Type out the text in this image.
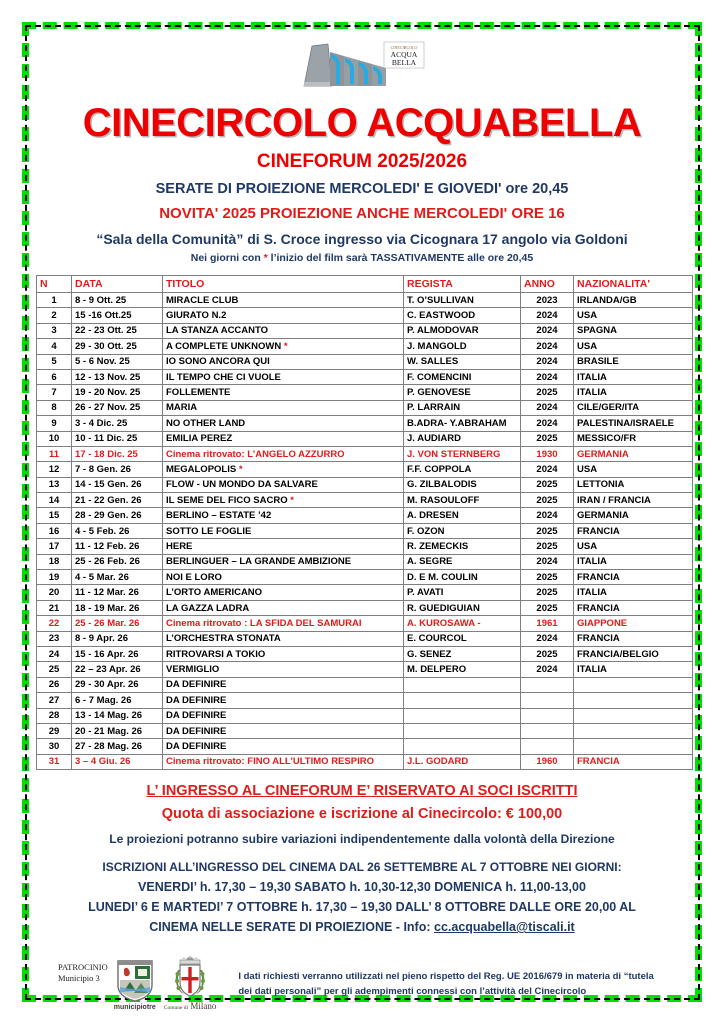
CINECIRCOLO
ACQUA
BELLA
CINECIRCOLO ACQUABELLA
CINEFORUM 2025/2026
SERATE DI PROIEZIONE MERCOLEDI' E GIOVEDI' ore 20,45
NOVITA' 2025 PROIEZIONE ANCHE MERCOLEDI' ORE 16
“Sala della Comunità” di S. Croce ingresso via Cicognara 17 angolo via Goldoni
Nei giorni con * l’inizio del film sarà TASSATIVAMENTE alle ore 20,45
N	DATA	TITOLO	REGISTA	ANNO	NAZIONALITA'
1	8 - 9 Ott. 25	MIRACLE CLUB	T. O’SULLIVAN	2023	IRLANDA/GB
2	15 -16 Ott.25	GIURATO N.2	C. EASTWOOD	2024	USA
3	22 - 23 Ott. 25	LA STANZA ACCANTO	P. ALMODOVAR	2024	SPAGNA
4	29 - 30 Ott. 25	A COMPLETE UNKNOWN *	J. MANGOLD	2024	USA
5	5 - 6 Nov. 25	IO SONO ANCORA QUI	W. SALLES	2024	BRASILE
6	12 - 13 Nov. 25	IL TEMPO CHE CI VUOLE	F. COMENCINI	2024	ITALIA
7	19 - 20 Nov. 25	FOLLEMENTE	P. GENOVESE	2025	ITALIA
8	26 - 27 Nov. 25	MARIA	P. LARRAIN	2024	CILE/GER/ITA
9	3 - 4 Dic. 25	NO OTHER LAND	B.ADRA- Y.ABRAHAM	2024	PALESTINA/ISRAELE
10	10 - 11 Dic. 25	EMILIA PEREZ	J. AUDIARD	2025	MESSICO/FR
11	17 - 18 Dic. 25	Cinema ritrovato: L’ANGELO AZZURRO	J. VON STERNBERG	1930	GERMANIA
12	7 - 8 Gen. 26	MEGALOPOLIS *	F.F. COPPOLA	2024	USA
13	14 - 15 Gen. 26	FLOW - UN MONDO DA SALVARE	G. ZILBALODIS	2025	LETTONIA
14	21 - 22 Gen. 26	IL SEME DEL FICO SACRO *	M. RASOULOFF	2025	IRAN / FRANCIA
15	28 - 29 Gen. 26	BERLINO – ESTATE ’42	A. DRESEN	2024	GERMANIA
16	4 - 5 Feb. 26	SOTTO LE FOGLIE	F. OZON	2025	FRANCIA
17	11 - 12 Feb. 26	HERE	R. ZEMECKIS	2025	USA
18	25 - 26 Feb. 26	BERLINGUER – LA GRANDE AMBIZIONE	A. SEGRE	2024	ITALIA
19	4 - 5 Mar. 26	NOI E LORO	D. E M. COULIN	2025	FRANCIA
20	11 - 12 Mar. 26	L’ORTO AMERICANO	P. AVATI	2025	ITALIA
21	18 - 19 Mar. 26	LA GAZZA LADRA	R. GUEDIGUIAN	2025	FRANCIA
22	25 - 26 Mar. 26	Cinema ritrovato : LA SFIDA DEL SAMURAI	A. KUROSAWA -	1961	GIAPPONE
23	8 - 9 Apr. 26	L’ORCHESTRA STONATA	E. COURCOL	2024	FRANCIA
24	15 - 16 Apr. 26	RITROVARSI A TOKIO	G. SENEZ	2025	FRANCIA/BELGIO
25	22 – 23 Apr. 26	VERMIGLIO	M. DELPERO	2024	ITALIA
26	29 - 30 Apr. 26	DA DEFINIRE			
27	6 - 7 Mag. 26	DA DEFINIRE			
28	13 - 14 Mag. 26	DA DEFINIRE			
29	20 - 21 Mag. 26	DA DEFINIRE			
30	27 - 28 Mag. 26	DA DEFINIRE			
31	3 – 4 Giu. 26	Cinema ritrovato: FINO ALL’ULTIMO RESPIRO	J.L. GODARD	1960	FRANCIA
L’ INGRESSO AL CINEFORUM E’ RISERVATO AI SOCI ISCRITTI
Quota di associazione e iscrizione al Cinecircolo: € 100,00
Le proiezioni potranno subire variazioni indipendentemente dalla volontà della Direzione
ISCRIZIONI ALL’INGRESSO DEL CINEMA DAL 26 SETTEMBRE AL 7 OTTOBRE NEI GIORNI:
VENERDI’ h. 17,30 – 19,30 SABATO h. 10,30-12,30 DOMENICA h. 11,00-13,00
LUNEDI’ 6 E MARTEDI’ 7 OTTOBRE h. 17,30 – 19,30 DALL’ 8 OTTOBRE DALLE ORE 20,00 AL
CINEMA NELLE SERATE DI PROIEZIONE - Info: cc.acquabella@tiscali.it
PATROCINIO
Municipio 3
municipiotre Comune di Milano
I dati richiesti verranno utilizzati nel pieno rispetto del Reg. UE 2016/679 in materia di “tutela dei dati personali” per gli adempimenti connessi con l’attività del Cinecircolo
